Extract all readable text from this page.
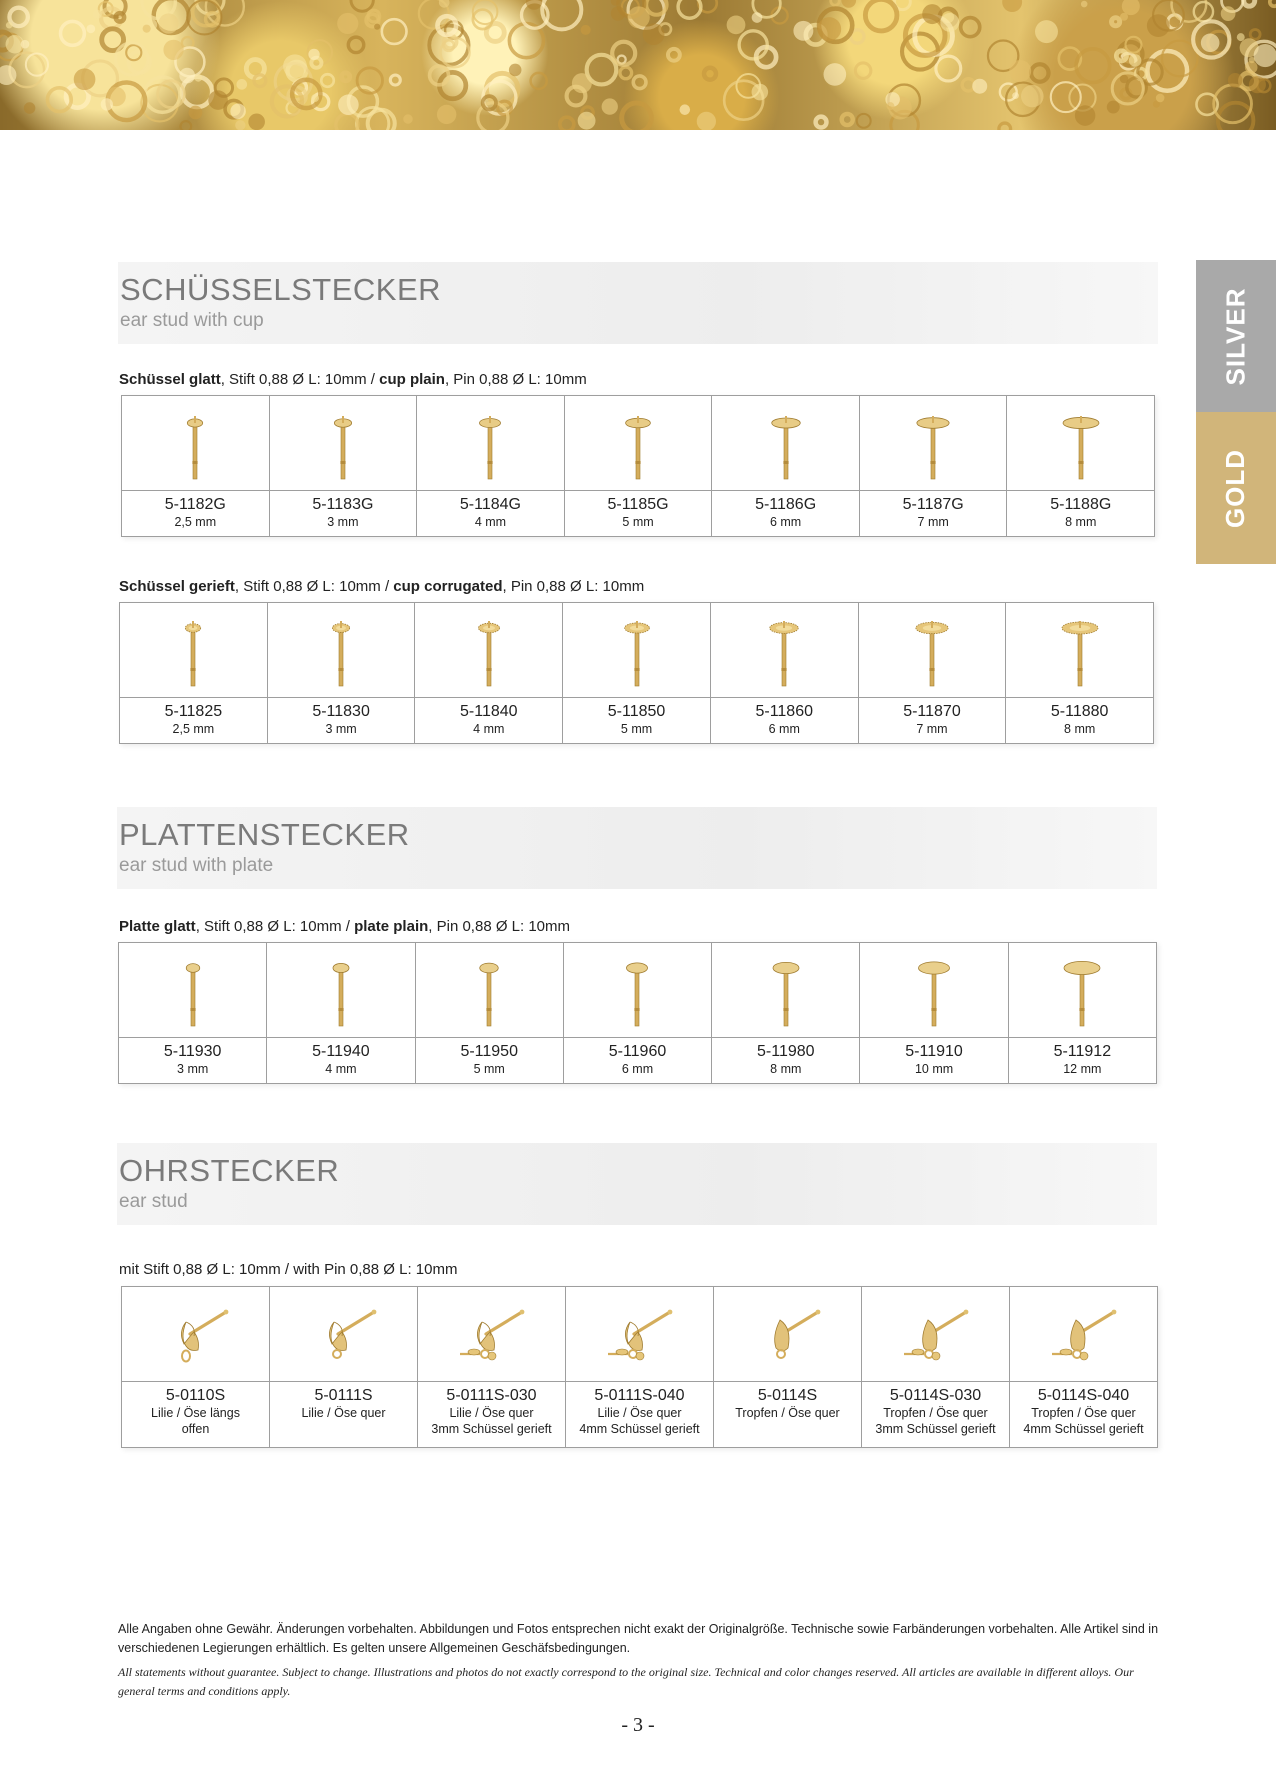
SILVER
GOLD
SCHÜSSELSTECKER
ear stud with cup
Schüssel glatt, Stift 0,88 Ø L: 10mm / cup plain, Pin 0,88 Ø L: 10mm
5-1182G
2,5 mm
5-1183G
3 mm
5-1184G
4 mm
5-1185G
5 mm
5-1186G
6 mm
5-1187G
7 mm
5-1188G
8 mm
Schüssel gerieft, Stift 0,88 Ø L: 10mm / cup corrugated, Pin 0,88 Ø L: 10mm
5-11825
2,5 mm
5-11830
3 mm
5-11840
4 mm
5-11850
5 mm
5-11860
6 mm
5-11870
7 mm
5-11880
8 mm
PLATTENSTECKER
ear stud with plate
Platte glatt, Stift 0,88 Ø L: 10mm / plate plain, Pin 0,88 Ø L: 10mm
5-11930
3 mm
5-11940
4 mm
5-11950
5 mm
5-11960
6 mm
5-11980
8 mm
5-11910
10 mm
5-11912
12 mm
OHRSTECKER
ear stud
mit Stift 0,88 Ø L: 10mm / with Pin 0,88 Ø L: 10mm
5-0110S
Lilie / Öse längs
offen
5-0111S
Lilie / Öse quer
5-0111S-030
Lilie / Öse quer
3mm Schüssel gerieft
5-0111S-040
Lilie / Öse quer
4mm Schüssel gerieft
5-0114S
Tropfen / Öse quer
5-0114S-030
Tropfen / Öse quer
3mm Schüssel gerieft
5-0114S-040
Tropfen / Öse quer
4mm Schüssel gerieft
Alle Angaben ohne Gewähr. Änderungen vorbehalten. Abbildungen und Fotos entsprechen nicht exakt der Originalgröße. Technische sowie Farbänderungen vorbehalten. Alle Artikel sind in verschiedenen Legierungen erhältlich. Es gelten unsere Allgemeinen Geschäfsbedingungen.
All statements without guarantee. Subject to change. Illustrations and photos do not exactly correspond to the original size. Technical and color changes reserved. All articles are available in different alloys. Our general terms and conditions apply.
- 3 -
